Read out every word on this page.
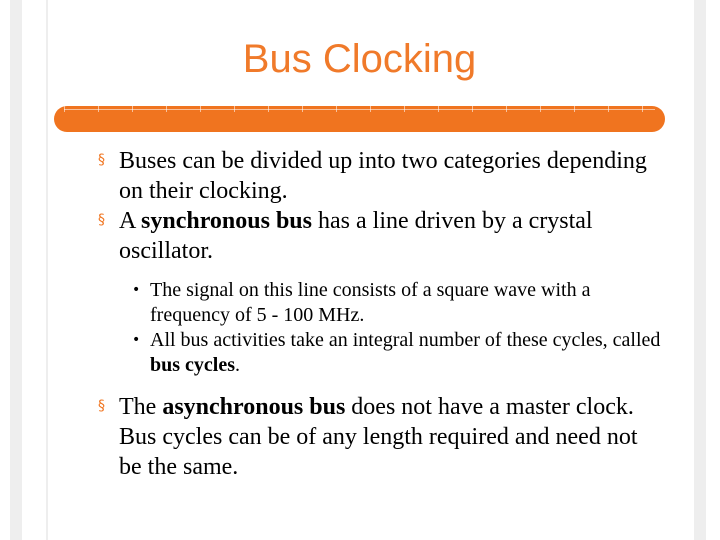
Bus Clocking
§ Buses can be divided up into two categories depending on their clocking.
§ A synchronous bus has a line driven by a crystal oscillator.
• The signal on this line consists of a square wave with a frequency of 5 - 100 MHz.
• All bus activities take an integral number of these cycles, called bus cycles.
§ The asynchronous bus does not have a master clock. Bus cycles can be of any length required and need not be the same.
